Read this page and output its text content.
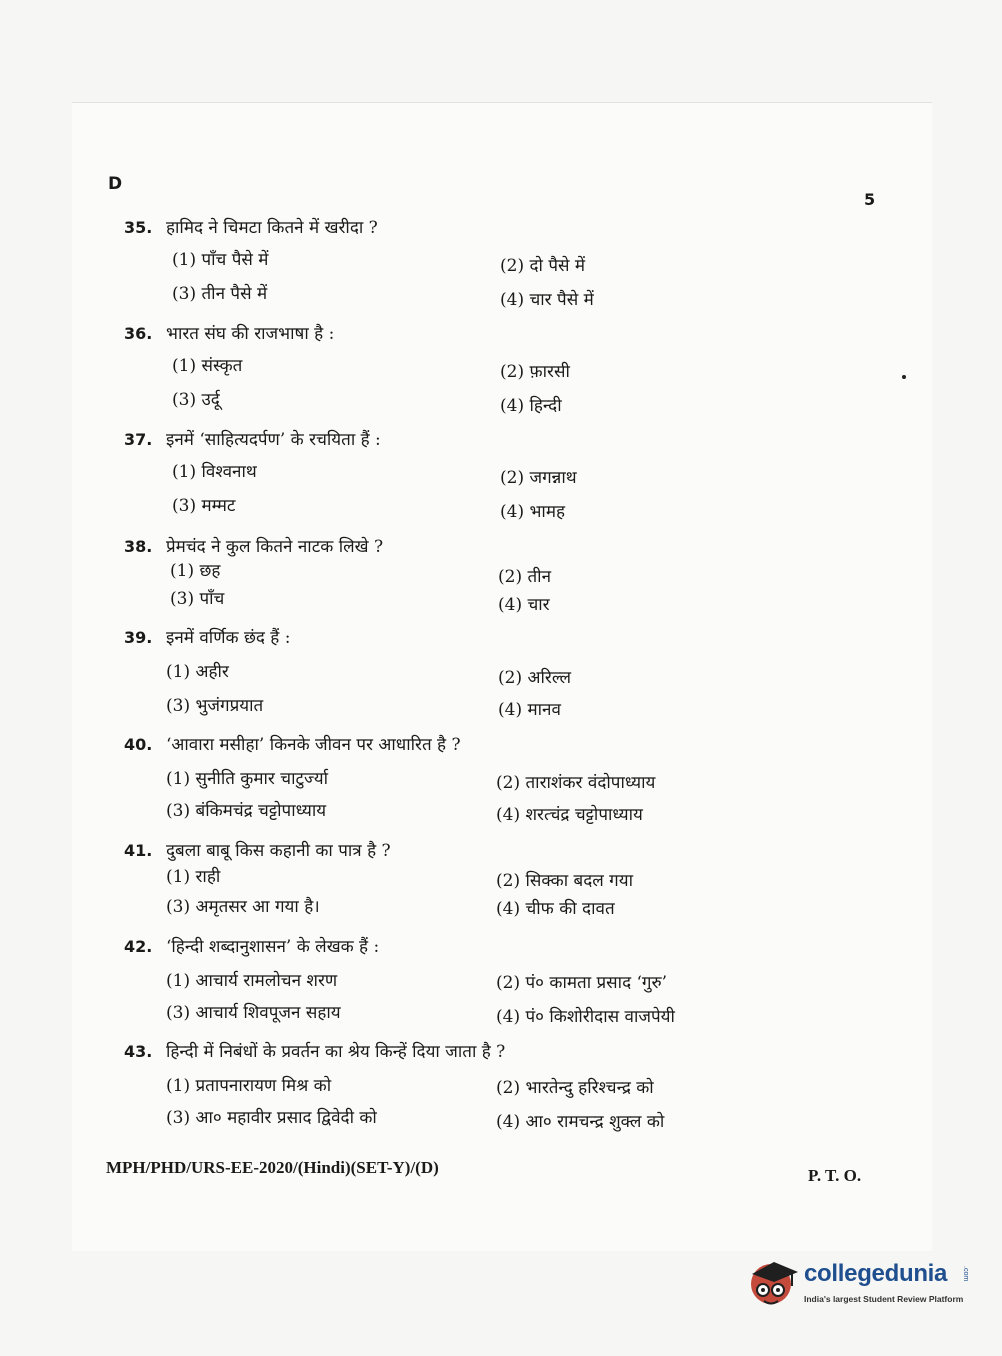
D
5
35. हामिद ने चिमटा कितने में खरीदा ?
(1) पाँच पैसे में	(2) दो पैसे में
(3) तीन पैसे में	(4) चार पैसे में
36. भारत संघ की राजभाषा है :
(1) संस्कृत	(2) फ़ारसी
(3) उर्दू	(4) हिन्दी
37. इनमें ‘साहित्यदर्पण’ के रचयिता हैं :
(1) विश्वनाथ	(2) जगन्नाथ
(3) मम्मट	(4) भामह
38. प्रेमचंद ने कुल कितने नाटक लिखे ?
(1) छह	(2) तीन
(3) पाँच	(4) चार
39. इनमें वर्णिक छंद हैं :
(1) अहीर	(2) अरिल्ल
(3) भुजंगप्रयात	(4) मानव
40. ‘आवारा मसीहा’ किनके जीवन पर आधारित है ?
(1) सुनीति कुमार चाटुर्ज्या	(2) ताराशंकर वंदोपाध्याय
(3) बंकिमचंद्र चट्टोपाध्याय	(4) शरत्चंद्र चट्टोपाध्याय
41. दुबला बाबू किस कहानी का पात्र है ?
(1) राही	(2) सिक्का बदल गया
(3) अमृतसर आ गया है।	(4) चीफ की दावत
42. ‘हिन्दी शब्दानुशासन’ के लेखक हैं :
(1) आचार्य रामलोचन शरण	(2) पं० कामता प्रसाद ‘गुरु’
(3) आचार्य शिवपूजन सहाय	(4) पं० किशोरीदास वाजपेयी
43. हिन्दी में निबंधों के प्रवर्तन का श्रेय किन्हें दिया जाता है ?
(1) प्रतापनारायण मिश्र को	(2) भारतेन्दु हरिश्चन्द्र को
(3) आ० महावीर प्रसाद द्विवेदी को	(4) आ० रामचन्द्र शुक्ल को
MPH/PHD/URS-EE-2020/(Hindi)(SET-Y)/(D)	P. T. O.
collegedunia .com
India's largest Student Review Platform
